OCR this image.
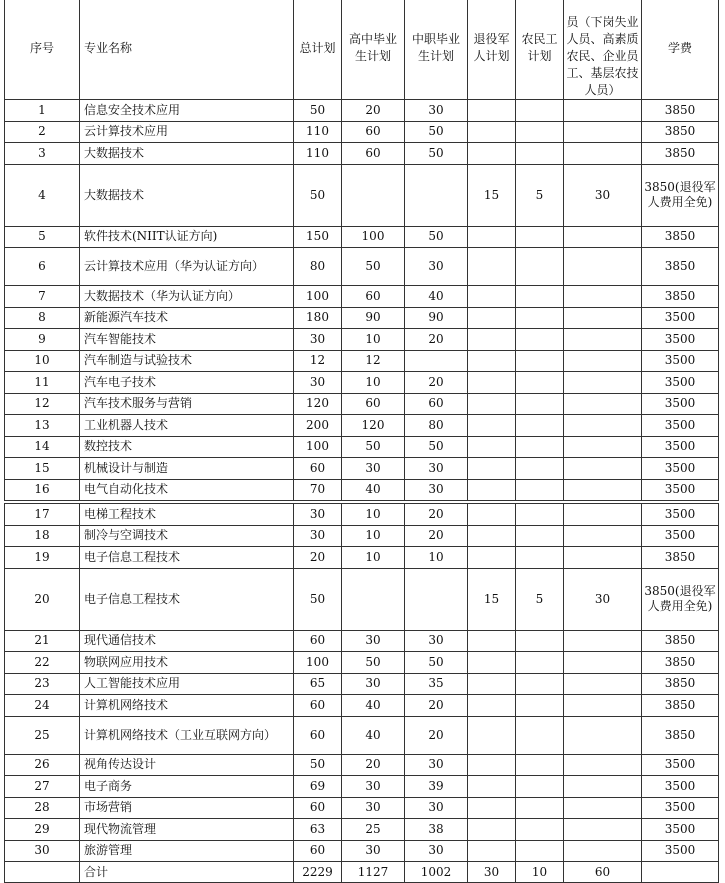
序号	专业名称	总计划	高中毕业生计划	中职毕业生计划	退役军人计划	农民工计划	员（下岗失业人员、高素质农民、企业员工、基层农技人员）	学费
1	信息安全技术应用	50	20	30				3850
2	云计算技术应用	110	60	50				3850
3	大数据技术	110	60	50				3850
4	大数据技术	50			15	5	30	3850(退役军人费用全免)
5	软件技术(NIIT认证方向)	150	100	50				3850
6	云计算技术应用（华为认证方向）	80	50	30				3850
7	大数据技术（华为认证方向）	100	60	40				3850
8	新能源汽车技术	180	90	90				3500
9	汽车智能技术	30	10	20				3500
10	汽车制造与试验技术	12	12					3500
11	汽车电子技术	30	10	20				3500
12	汽车技术服务与营销	120	60	60				3500
13	工业机器人技术	200	120	80				3500
14	数控技术	100	50	50				3500
15	机械设计与制造	60	30	30				3500
16	电气自动化技术	70	40	30				3500
17	电梯工程技术	30	10	20				3500
18	制冷与空调技术	30	10	20				3500
19	电子信息工程技术	20	10	10				3850
20	电子信息工程技术	50			15	5	30	3850(退役军人费用全免)
21	现代通信技术	60	30	30				3850
22	物联网应用技术	100	50	50				3850
23	人工智能技术应用	65	30	35				3850
24	计算机网络技术	60	40	20				3850
25	计算机网络技术（工业互联网方向）	60	40	20				3850
26	视角传达设计	50	20	30				3500
27	电子商务	69	30	39				3500
28	市场营销	60	30	30				3500
29	现代物流管理	63	25	38				3500
30	旅游管理	60	30	30				3500
	合计	2229	1127	1002	30	10	60	
